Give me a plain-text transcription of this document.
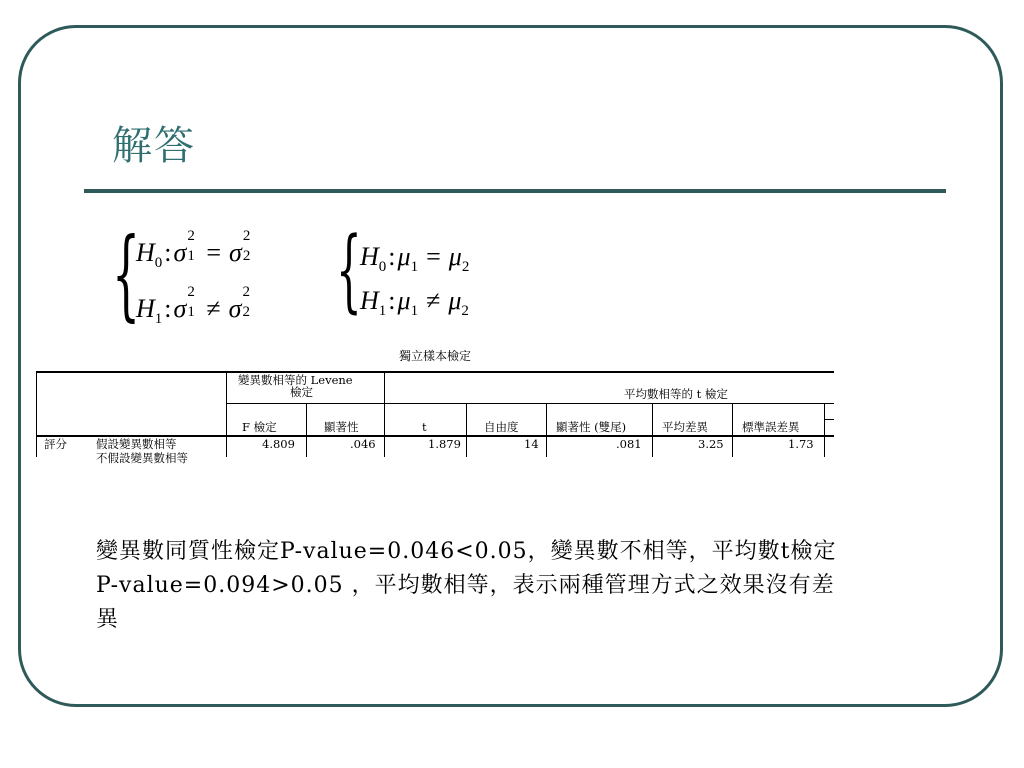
解答
{
$H_0:\sigma$
2
1 = σ
2
2
$H_1:\sigma$
2
1 ≠ σ
2
2 {
$H_0:\mu_1 = \mu_2$
$H_1:\mu_1 \ne \mu_2$
獨立樣本檢定
變異數相等的 Levene
檢定	平均數相等的 t 檢定
F 檢定	顯著性	t	自由度	顯著性 (雙尾)	平均差異	標準誤差異
評分	假設變異數相等	4.809	.046	1.879	14	.081	3.25	1.73
不假設變異數相等
變異數同質性檢定P-value=0.046<0.05，變異數不相等，平均數t檢定
P-value=0.094>0.05 ，平均數相等，表示兩種管理方式之效果沒有差
異
